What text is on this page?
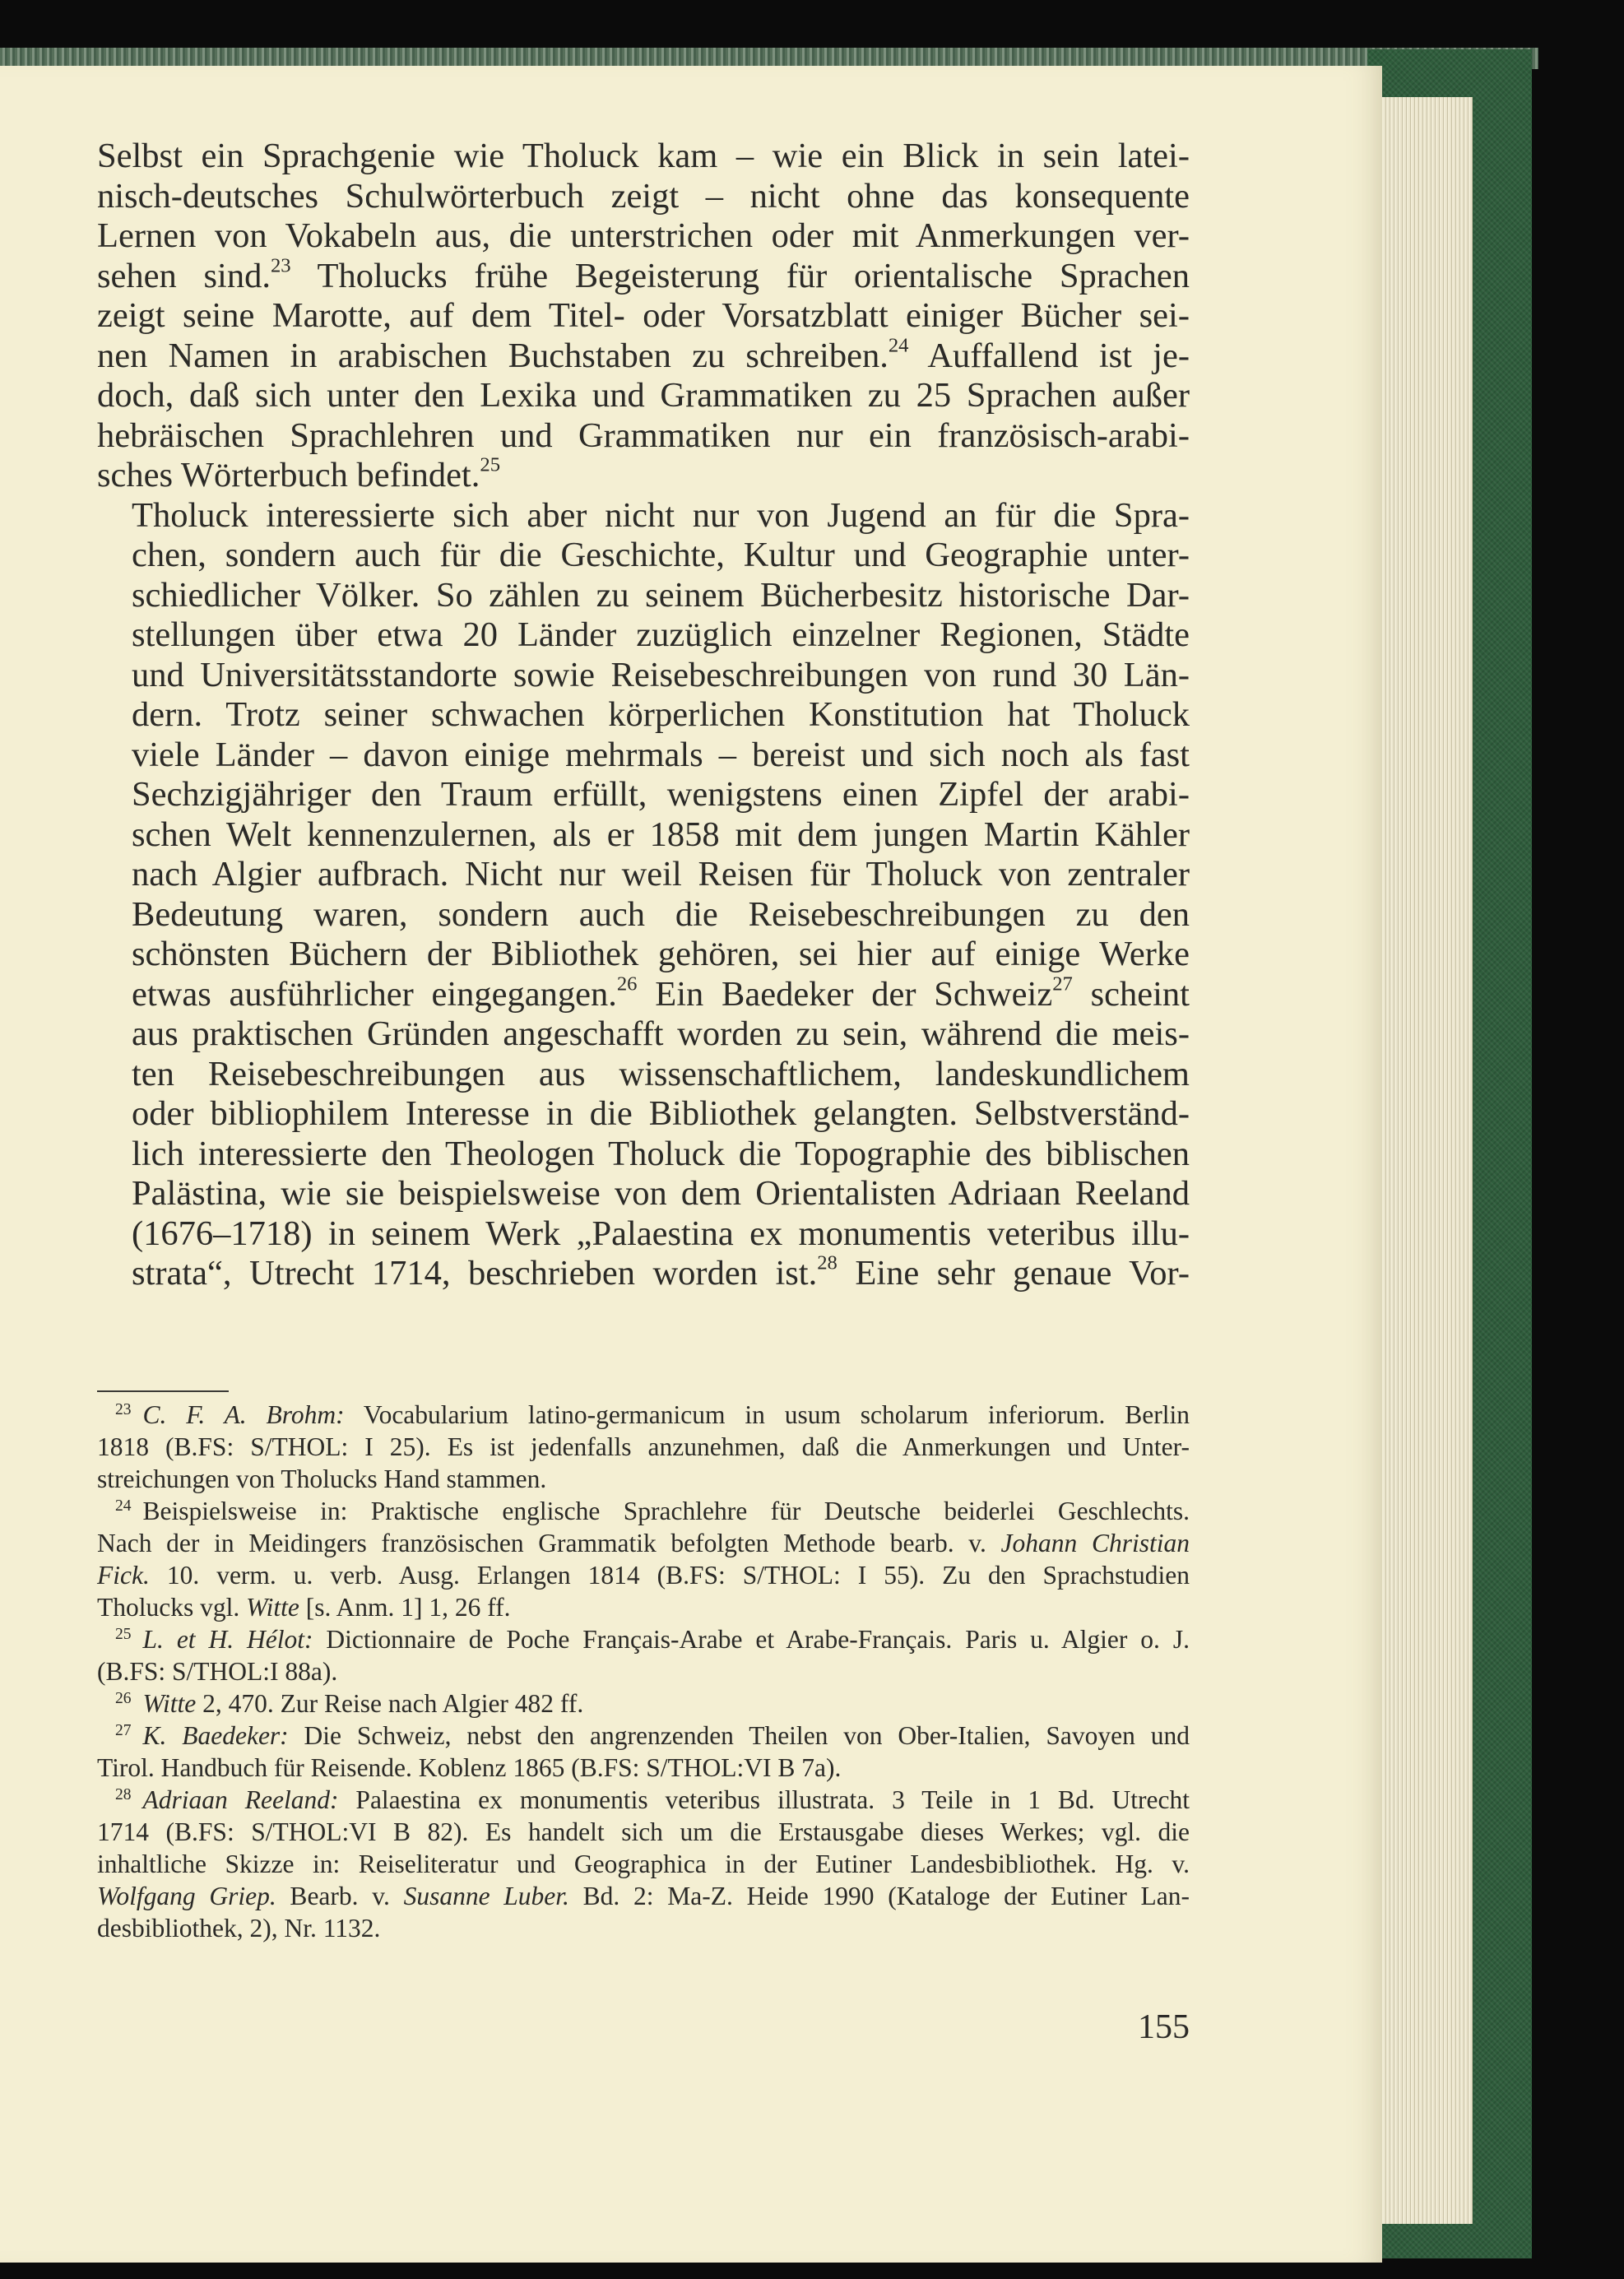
Selbst ein Sprachgenie wie Tholuck kam – wie ein Blick in sein latei-
nisch-deutsches Schulwörterbuch zeigt – nicht ohne das konsequente
Lernen von Vokabeln aus, die unterstrichen oder mit Anmerkungen ver-
sehen sind.$^{23}$ Tholucks frühe Begeisterung für orientalische Sprachen
zeigt seine Marotte, auf dem Titel- oder Vorsatzblatt einiger Bücher sei-
nen Namen in arabischen Buchstaben zu schreiben.$^{24}$ Auffallend ist je-
doch, daß sich unter den Lexika und Grammatiken zu 25 Sprachen außer
hebräischen Sprachlehren und Grammatiken nur ein französisch-arabi-
sches Wörterbuch befindet.$^{25}$

Tholuck interessierte sich aber nicht nur von Jugend an für die Spra-
chen, sondern auch für die Geschichte, Kultur und Geographie unter-
schiedlicher Völker. So zählen zu seinem Bücherbesitz historische Dar-
stellungen über etwa 20 Länder zuzüglich einzelner Regionen, Städte
und Universitätsstandorte sowie Reisebeschreibungen von rund 30 Län-
dern. Trotz seiner schwachen körperlichen Konstitution hat Tholuck
viele Länder – davon einige mehrmals – bereist und sich noch als fast
Sechzigjähriger den Traum erfüllt, wenigstens einen Zipfel der arabi-
schen Welt kennenzulernen, als er 1858 mit dem jungen Martin Kähler
nach Algier aufbrach. Nicht nur weil Reisen für Tholuck von zentraler
Bedeutung waren, sondern auch die Reisebeschreibungen zu den
schönsten Büchern der Bibliothek gehören, sei hier auf einige Werke
etwas ausführlicher eingegangen.$^{26}$ Ein Baedeker der Schweiz$^{27}$ scheint
aus praktischen Gründen angeschafft worden zu sein, während die meis-
ten Reisebeschreibungen aus wissenschaftlichem, landeskundlichem
oder bibliophilem Interesse in die Bibliothek gelangten. Selbstverständ-
lich interessierte den Theologen Tholuck die Topographie des biblischen
Palästina, wie sie beispielsweise von dem Orientalisten Adriaan Reeland
(1676–1718) in seinem Werk „Palaestina ex monumentis veteribus illu-
strata“, Utrecht 1714, beschrieben worden ist.$^{28}$ Eine sehr genaue Vor-

$^{23}$ C. F. A. Brohm: Vocabularium latino-germanicum in usum scholarum inferiorum. Berlin
1818 (B.FS: S/THOL: I 25). Es ist jedenfalls anzunehmen, daß die Anmerkungen und Unter-
streichungen von Tholucks Hand stammen.
$^{24}$ Beispielsweise in: Praktische englische Sprachlehre für Deutsche beiderlei Geschlechts.
Nach der in Meidingers französischen Grammatik befolgten Methode bearb. v. Johann Christian
Fick. 10. verm. u. verb. Ausg. Erlangen 1814 (B.FS: S/THOL: I 55). Zu den Sprachstudien
Tholucks vgl. Witte [s. Anm. 1] 1, 26 ff.
$^{25}$ L. et H. Hélot: Dictionnaire de Poche Français-Arabe et Arabe-Français. Paris u. Algier o. J.
(B.FS: S/THOL:I 88a).
$^{26}$ Witte 2, 470. Zur Reise nach Algier 482 ff.
$^{27}$ K. Baedeker: Die Schweiz, nebst den angrenzenden Theilen von Ober-Italien, Savoyen und
Tirol. Handbuch für Reisende. Koblenz 1865 (B.FS: S/THOL:VI B 7a).
$^{28}$ Adriaan Reeland: Palaestina ex monumentis veteribus illustrata. 3 Teile in 1 Bd. Utrecht
1714 (B.FS: S/THOL:VI B 82). Es handelt sich um die Erstausgabe dieses Werkes; vgl. die
inhaltliche Skizze in: Reiseliteratur und Geographica in der Eutiner Landesbibliothek. Hg. v.
Wolfgang Griep. Bearb. v. Susanne Luber. Bd. 2: Ma-Z. Heide 1990 (Kataloge der Eutiner Lan-
desbibliothek, 2), Nr. 1132.
155
